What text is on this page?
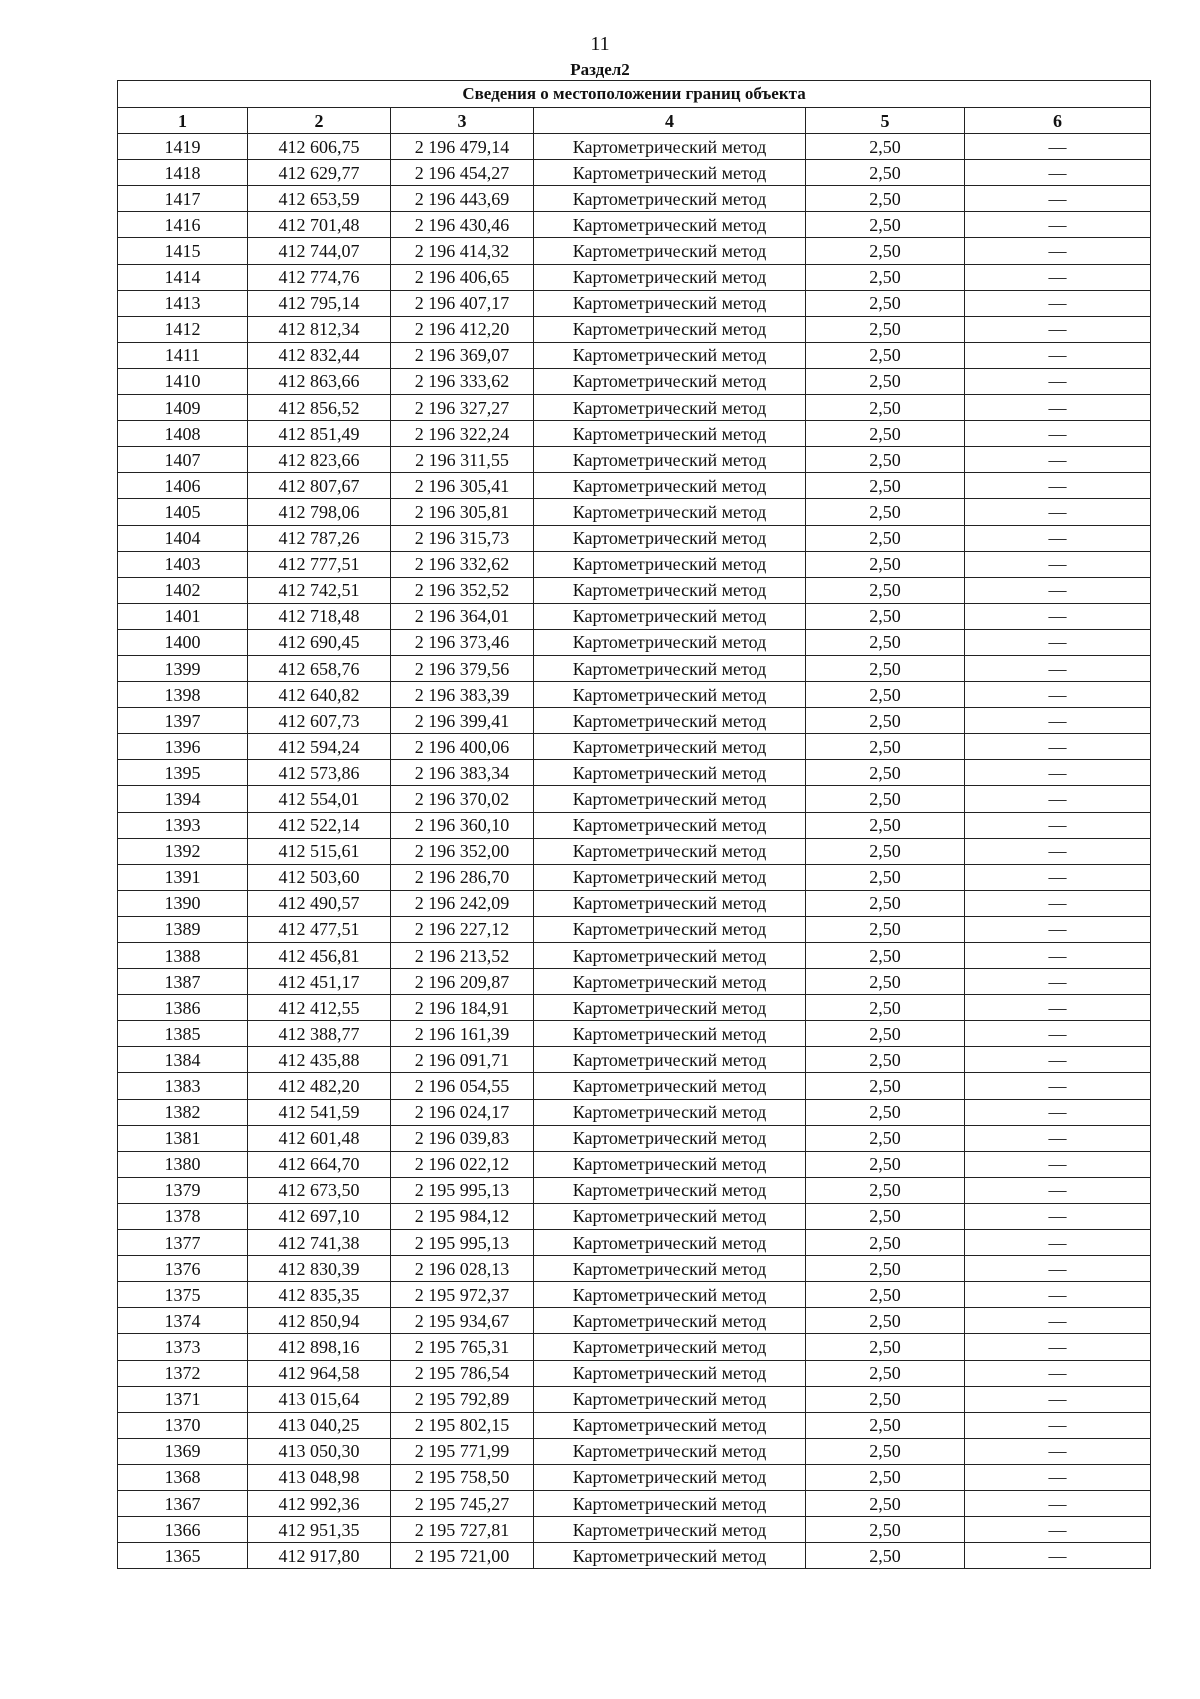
11
Раздел2
Сведения о местоположении границ объекта					
1	2	3	4	5	6
1419	412 606,75	2 196 479,14	Картометрический метод	2,50	—
1418	412 629,77	2 196 454,27	Картометрический метод	2,50	—
1417	412 653,59	2 196 443,69	Картометрический метод	2,50	—
1416	412 701,48	2 196 430,46	Картометрический метод	2,50	—
1415	412 744,07	2 196 414,32	Картометрический метод	2,50	—
1414	412 774,76	2 196 406,65	Картометрический метод	2,50	—
1413	412 795,14	2 196 407,17	Картометрический метод	2,50	—
1412	412 812,34	2 196 412,20	Картометрический метод	2,50	—
1411	412 832,44	2 196 369,07	Картометрический метод	2,50	—
1410	412 863,66	2 196 333,62	Картометрический метод	2,50	—
1409	412 856,52	2 196 327,27	Картометрический метод	2,50	—
1408	412 851,49	2 196 322,24	Картометрический метод	2,50	—
1407	412 823,66	2 196 311,55	Картометрический метод	2,50	—
1406	412 807,67	2 196 305,41	Картометрический метод	2,50	—
1405	412 798,06	2 196 305,81	Картометрический метод	2,50	—
1404	412 787,26	2 196 315,73	Картометрический метод	2,50	—
1403	412 777,51	2 196 332,62	Картометрический метод	2,50	—
1402	412 742,51	2 196 352,52	Картометрический метод	2,50	—
1401	412 718,48	2 196 364,01	Картометрический метод	2,50	—
1400	412 690,45	2 196 373,46	Картометрический метод	2,50	—
1399	412 658,76	2 196 379,56	Картометрический метод	2,50	—
1398	412 640,82	2 196 383,39	Картометрический метод	2,50	—
1397	412 607,73	2 196 399,41	Картометрический метод	2,50	—
1396	412 594,24	2 196 400,06	Картометрический метод	2,50	—
1395	412 573,86	2 196 383,34	Картометрический метод	2,50	—
1394	412 554,01	2 196 370,02	Картометрический метод	2,50	—
1393	412 522,14	2 196 360,10	Картометрический метод	2,50	—
1392	412 515,61	2 196 352,00	Картометрический метод	2,50	—
1391	412 503,60	2 196 286,70	Картометрический метод	2,50	—
1390	412 490,57	2 196 242,09	Картометрический метод	2,50	—
1389	412 477,51	2 196 227,12	Картометрический метод	2,50	—
1388	412 456,81	2 196 213,52	Картометрический метод	2,50	—
1387	412 451,17	2 196 209,87	Картометрический метод	2,50	—
1386	412 412,55	2 196 184,91	Картометрический метод	2,50	—
1385	412 388,77	2 196 161,39	Картометрический метод	2,50	—
1384	412 435,88	2 196 091,71	Картометрический метод	2,50	—
1383	412 482,20	2 196 054,55	Картометрический метод	2,50	—
1382	412 541,59	2 196 024,17	Картометрический метод	2,50	—
1381	412 601,48	2 196 039,83	Картометрический метод	2,50	—
1380	412 664,70	2 196 022,12	Картометрический метод	2,50	—
1379	412 673,50	2 195 995,13	Картометрический метод	2,50	—
1378	412 697,10	2 195 984,12	Картометрический метод	2,50	—
1377	412 741,38	2 195 995,13	Картометрический метод	2,50	—
1376	412 830,39	2 196 028,13	Картометрический метод	2,50	—
1375	412 835,35	2 195 972,37	Картометрический метод	2,50	—
1374	412 850,94	2 195 934,67	Картометрический метод	2,50	—
1373	412 898,16	2 195 765,31	Картометрический метод	2,50	—
1372	412 964,58	2 195 786,54	Картометрический метод	2,50	—
1371	413 015,64	2 195 792,89	Картометрический метод	2,50	—
1370	413 040,25	2 195 802,15	Картометрический метод	2,50	—
1369	413 050,30	2 195 771,99	Картометрический метод	2,50	—
1368	413 048,98	2 195 758,50	Картометрический метод	2,50	—
1367	412 992,36	2 195 745,27	Картометрический метод	2,50	—
1366	412 951,35	2 195 727,81	Картометрический метод	2,50	—
1365	412 917,80	2 195 721,00	Картометрический метод	2,50	—
